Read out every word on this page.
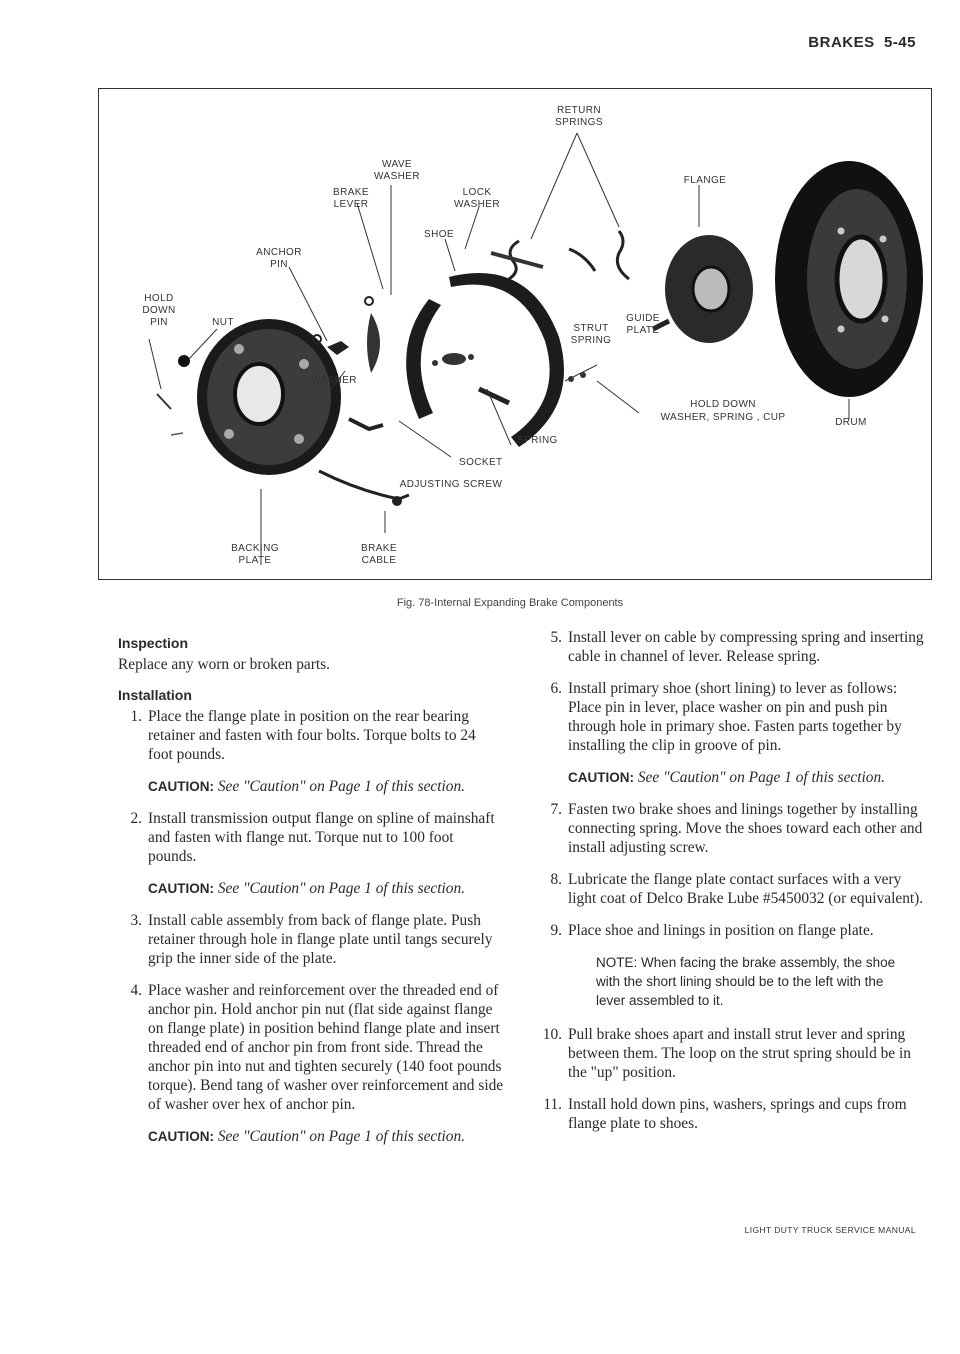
BRAKES 5-45
RETURN SPRINGS
WAVE WASHER
BRAKE LEVER
LOCK WASHER
FLANGE
SHOE
ANCHOR PIN
HOLD DOWN PIN	NUT	GUIDE PLATE
STRUT SPRING
WASHER
HOLD DOWN WASHER, SPRING , CUP	DRUM
SPRING
SOCKET
ADJUSTING SCREW
BACKING PLATE
BRAKE CABLE
Fig. 78-Internal Expanding Brake Components
Inspection

Replace any worn or broken parts.

Installation
1. Place the flange plate in position on the rear bearing retainer and fasten with four bolts. Torque bolts to 24 foot pounds.
CAUTION: See "Caution" on Page 1 of this section.
2. Install transmission output flange on spline of mainshaft and fasten with flange nut. Torque nut to 100 foot pounds.
CAUTION: See "Caution" on Page 1 of this section.
3. Install cable assembly from back of flange plate. Push retainer through hole in flange plate until tangs securely grip the inner side of the plate.
4. Place washer and reinforcement over the threaded end of anchor pin. Hold anchor pin nut (flat side against flange on flange plate) in position behind flange plate and insert threaded end of anchor pin from front side. Thread the anchor pin into nut and tighten securely (140 foot pounds torque). Bend tang of washer over reinforcement and side of washer over hex of anchor pin.
CAUTION: See "Caution" on Page 1 of this section.
5. Install lever on cable by compressing spring and inserting cable in channel of lever. Release spring.
6. Install primary shoe (short lining) to lever as follows: Place pin in lever, place washer on pin and push pin through hole in primary shoe. Fasten parts together by installing the clip in groove of pin.
CAUTION: See "Caution" on Page 1 of this section.
7. Fasten two brake shoes and linings together by installing connecting spring. Move the shoes toward each other and install adjusting screw.
8. Lubricate the flange plate contact surfaces with a very light coat of Delco Brake Lube #5450032 (or equivalent).
9. Place shoe and linings in position on flange plate.
NOTE: When facing the brake assembly, the shoe with the short lining should be to the left with the lever assembled to it.
10. Pull brake shoes apart and install strut lever and spring between them. The loop on the strut spring should be in the "up" position.
11. Install hold down pins, washers, springs and cups from flange plate to shoes.
LIGHT DUTY TRUCK SERVICE MANUAL
